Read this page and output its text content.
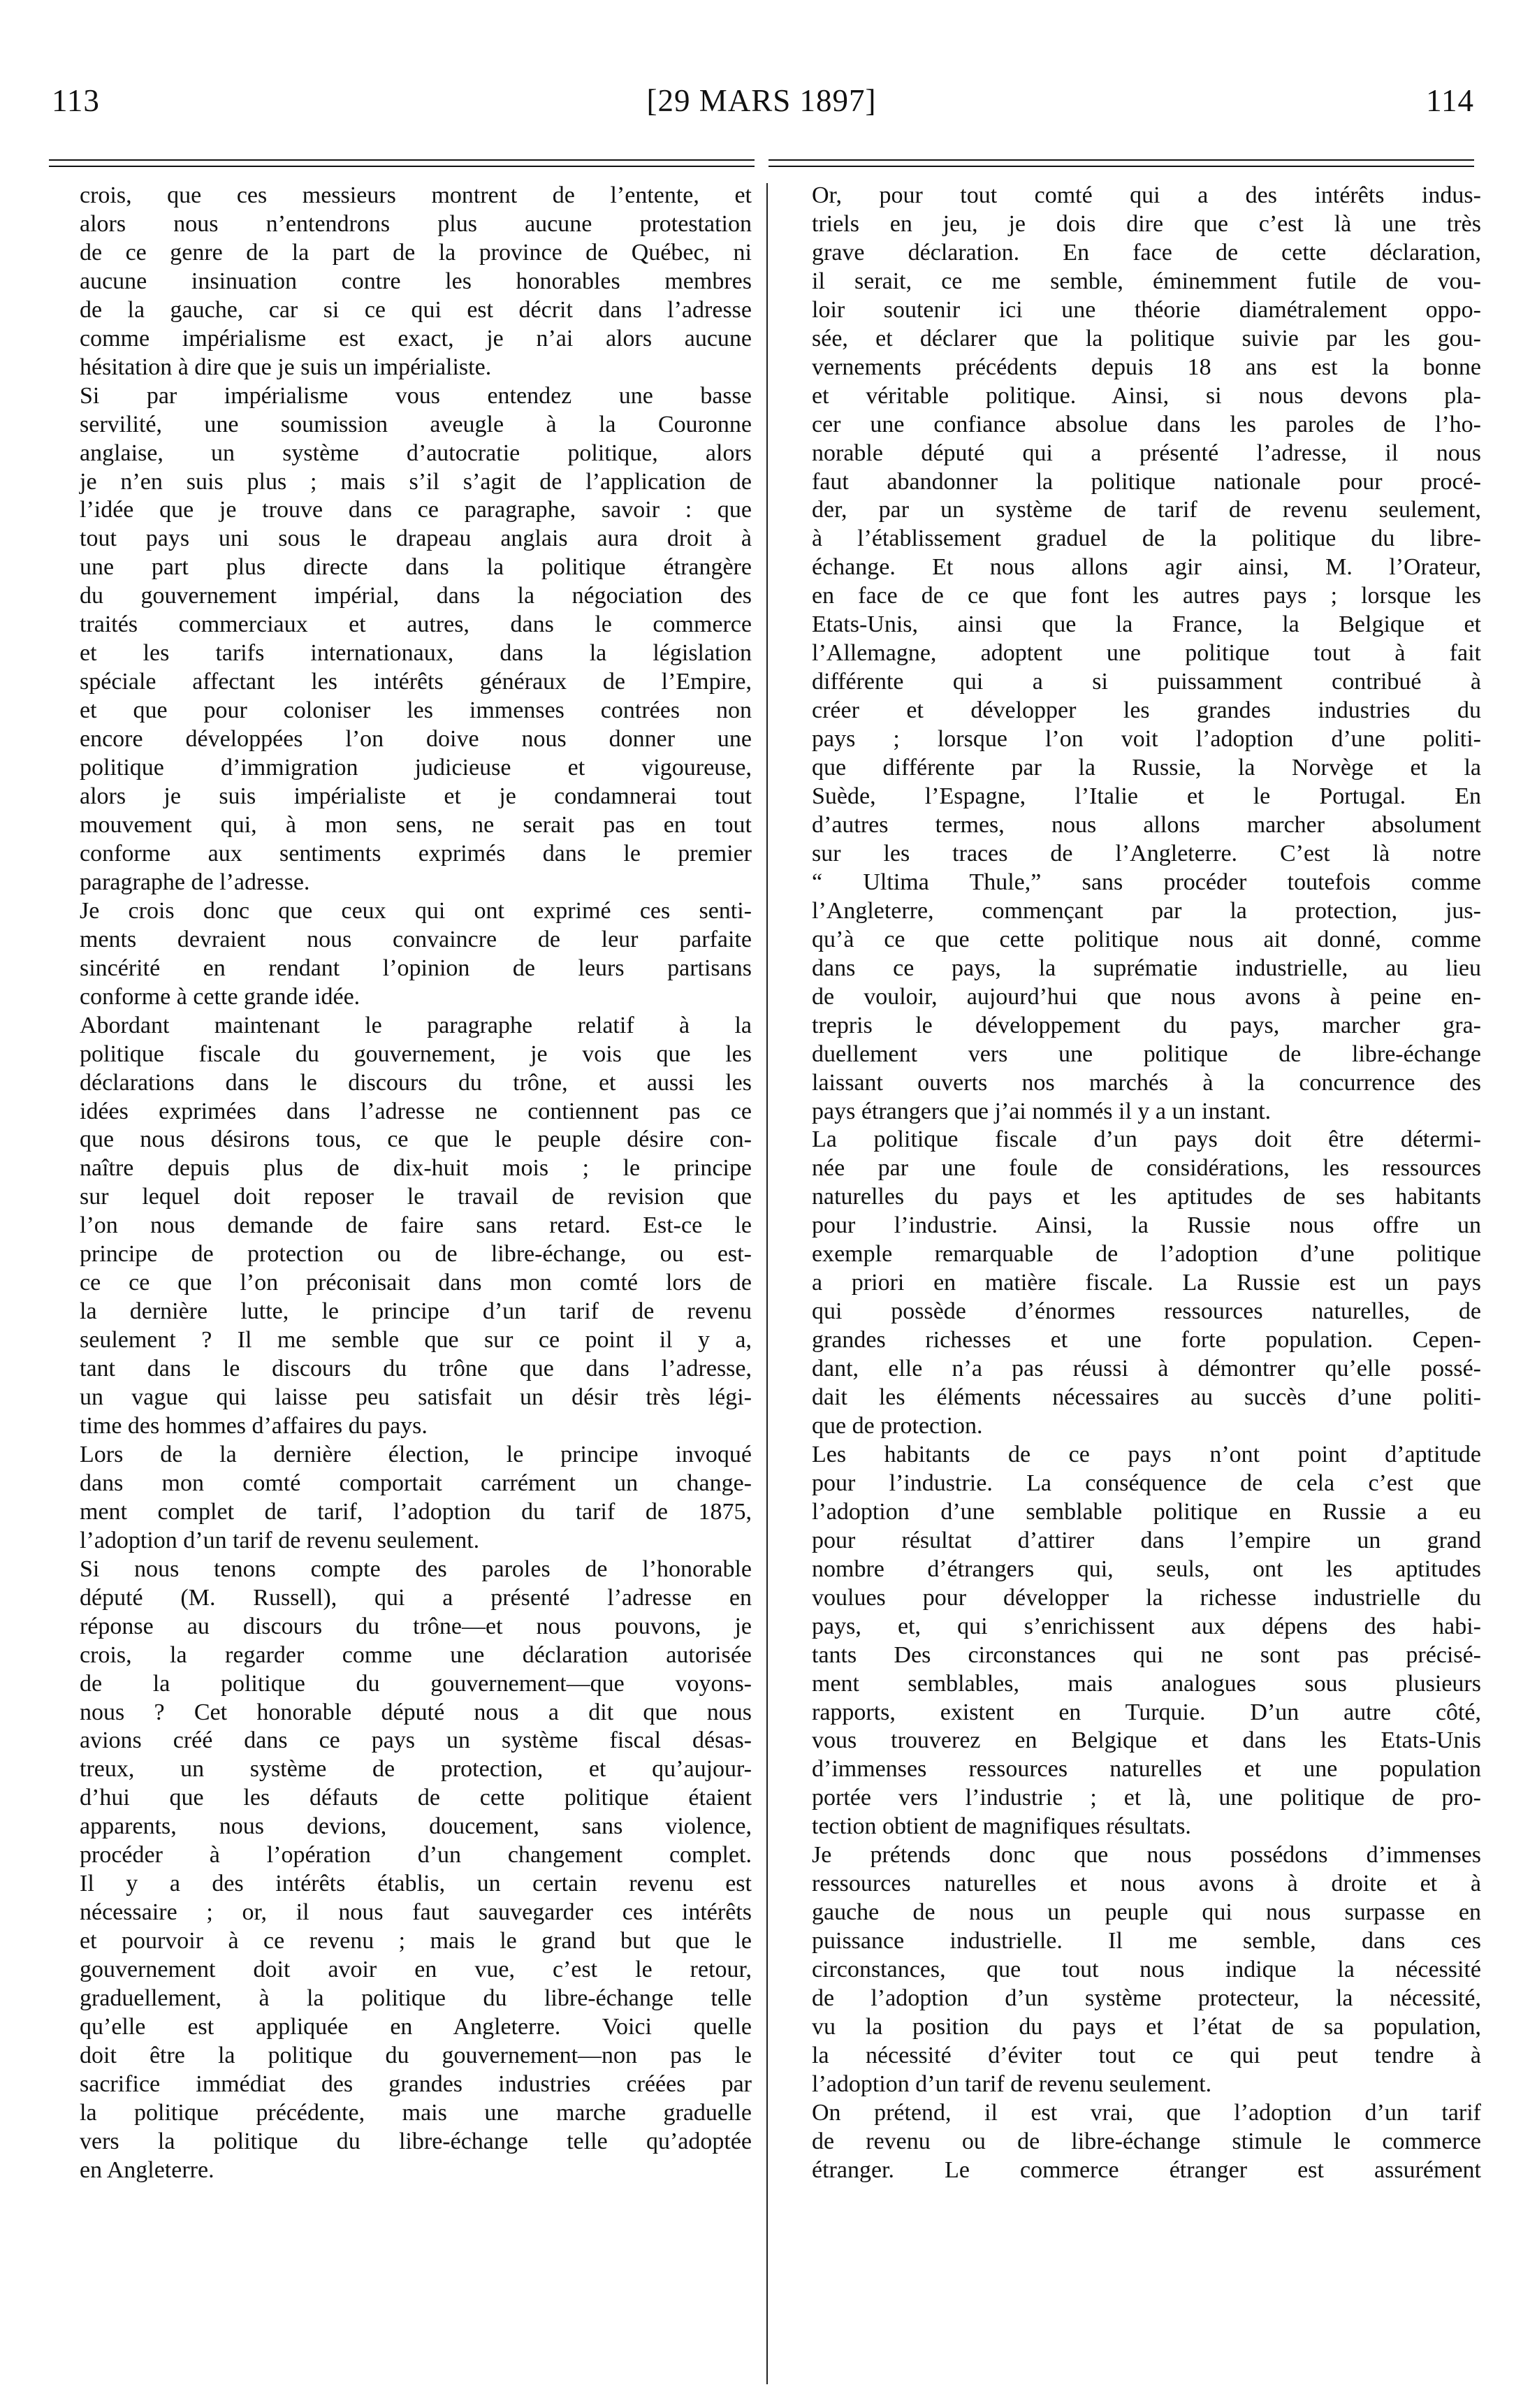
113	[29 MARS 1897]	114
crois, que ces messieurs montrent de l’entente, et
alors nous n’entendrons plus aucune protestation
de ce genre de la part de la province de Québec, ni
aucune insinuation contre les honorables membres
de la gauche, car si ce qui est décrit dans l’adresse
comme impérialisme est exact, je n’ai alors aucune
hésitation à dire que je suis un impérialiste.
Si par impérialisme vous entendez une basse
servilité, une soumission aveugle à la Couronne
anglaise, un système d’autocratie politique, alors
je n’en suis plus ; mais s’il s’agit de l’application de
l’idée que je trouve dans ce paragraphe, savoir : que
tout pays uni sous le drapeau anglais aura droit à
une part plus directe dans la politique étrangère
du gouvernement impérial, dans la négociation des
traités commerciaux et autres, dans le commerce
et les tarifs internationaux, dans la législation
spéciale affectant les intérêts généraux de l’Empire,
et que pour coloniser les immenses contrées non
encore développées l’on doive nous donner une
politique d’immigration judicieuse et vigoureuse,
alors je suis impérialiste et je condamnerai tout
mouvement qui, à mon sens, ne serait pas en tout
conforme aux sentiments exprimés dans le premier
paragraphe de l’adresse.
Je crois donc que ceux qui ont exprimé ces senti-
ments devraient nous convaincre de leur parfaite
sincérité en rendant l’opinion de leurs partisans
conforme à cette grande idée.
Abordant maintenant le paragraphe relatif à la
politique fiscale du gouvernement, je vois que les
déclarations dans le discours du trône, et aussi les
idées exprimées dans l’adresse ne contiennent pas ce
que nous désirons tous, ce que le peuple désire con-
naître depuis plus de dix-huit mois ; le principe
sur lequel doit reposer le travail de revision que
l’on nous demande de faire sans retard. Est-ce le
principe de protection ou de libre-échange, ou est-
ce ce que l’on préconisait dans mon comté lors de
la dernière lutte, le principe d’un tarif de revenu
seulement ? Il me semble que sur ce point il y a,
tant dans le discours du trône que dans l’adresse,
un vague qui laisse peu satisfait un désir très légi-
time des hommes d’affaires du pays.
Lors de la dernière élection, le principe invoqué
dans mon comté comportait carrément un change-
ment complet de tarif, l’adoption du tarif de 1875,
l’adoption d’un tarif de revenu seulement.
Si nous tenons compte des paroles de l’honorable
député (M. Russell), qui a présenté l’adresse en
réponse au discours du trône—et nous pouvons, je
crois, la regarder comme une déclaration autorisée
de la politique du gouvernement—que voyons-
nous ? Cet honorable député nous a dit que nous
avions créé dans ce pays un système fiscal désas-
treux, un système de protection, et qu’aujour-
d’hui que les défauts de cette politique étaient
apparents, nous devions, doucement, sans violence,
procéder à l’opération d’un changement complet.
Il y a des intérêts établis, un certain revenu est
nécessaire ; or, il nous faut sauvegarder ces intérêts
et pourvoir à ce revenu ; mais le grand but que le
gouvernement doit avoir en vue, c’est le retour,
graduellement, à la politique du libre-échange telle
qu’elle est appliquée en Angleterre. Voici quelle
doit être la politique du gouvernement—non pas le
sacrifice immédiat des grandes industries créées par
la politique précédente, mais une marche graduelle
vers la politique du libre-échange telle qu’adoptée
en Angleterre.
Or, pour tout comté qui a des intérêts indus-
triels en jeu, je dois dire que c’est là une très
grave déclaration. En face de cette déclaration,
il serait, ce me semble, éminemment futile de vou-
loir soutenir ici une théorie diamétralement oppo-
sée, et déclarer que la politique suivie par les gou-
vernements précédents depuis 18 ans est la bonne
et véritable politique. Ainsi, si nous devons pla-
cer une confiance absolue dans les paroles de l’ho-
norable député qui a présenté l’adresse, il nous
faut abandonner la politique nationale pour procé-
der, par un système de tarif de revenu seulement,
à l’établissement graduel de la politique du libre-
échange. Et nous allons agir ainsi, M. l’Orateur,
en face de ce que font les autres pays ; lorsque les
Etats-Unis, ainsi que la France, la Belgique et
l’Allemagne, adoptent une politique tout à fait
différente qui a si puissamment contribué à
créer et développer les grandes industries du
pays ; lorsque l’on voit l’adoption d’une politi-
que différente par la Russie, la Norvège et la
Suède, l’Espagne, l’Italie et le Portugal. En
d’autres termes, nous allons marcher absolument
sur les traces de l’Angleterre. C’est là notre
“ Ultima Thule,” sans procéder toutefois comme
l’Angleterre, commençant par la protection, jus-
qu’à ce que cette politique nous ait donné, comme
dans ce pays, la suprématie industrielle, au lieu
de vouloir, aujourd’hui que nous avons à peine en-
trepris le développement du pays, marcher gra-
duellement vers une politique de libre-échange
laissant ouverts nos marchés à la concurrence des
pays étrangers que j’ai nommés il y a un instant.
La politique fiscale d’un pays doit être détermi-
née par une foule de considérations, les ressources
naturelles du pays et les aptitudes de ses habitants
pour l’industrie. Ainsi, la Russie nous offre un
exemple remarquable de l’adoption d’une politique
a priori en matière fiscale. La Russie est un pays
qui possède d’énormes ressources naturelles, de
grandes richesses et une forte population. Cepen-
dant, elle n’a pas réussi à démontrer qu’elle possé-
dait les éléments nécessaires au succès d’une politi-
que de protection.
Les habitants de ce pays n’ont point d’aptitude
pour l’industrie. La conséquence de cela c’est que
l’adoption d’une semblable politique en Russie a eu
pour résultat d’attirer dans l’empire un grand
nombre d’étrangers qui, seuls, ont les aptitudes
voulues pour développer la richesse industrielle du
pays, et, qui s’enrichissent aux dépens des habi-
tants Des circonstances qui ne sont pas précisé-
ment semblables, mais analogues sous plusieurs
rapports, existent en Turquie. D’un autre côté,
vous trouverez en Belgique et dans les Etats-Unis
d’immenses ressources naturelles et une population
portée vers l’industrie ; et là, une politique de pro-
tection obtient de magnifiques résultats.
Je prétends donc que nous possédons d’immenses
ressources naturelles et nous avons à droite et à
gauche de nous un peuple qui nous surpasse en
puissance industrielle. Il me semble, dans ces
circonstances, que tout nous indique la nécessité
de l’adoption d’un système protecteur, la nécessité,
vu la position du pays et l’état de sa population,
la nécessité d’éviter tout ce qui peut tendre à
l’adoption d’un tarif de revenu seulement.
On prétend, il est vrai, que l’adoption d’un tarif
de revenu ou de libre-échange stimule le commerce
étranger. Le commerce étranger est assurément
